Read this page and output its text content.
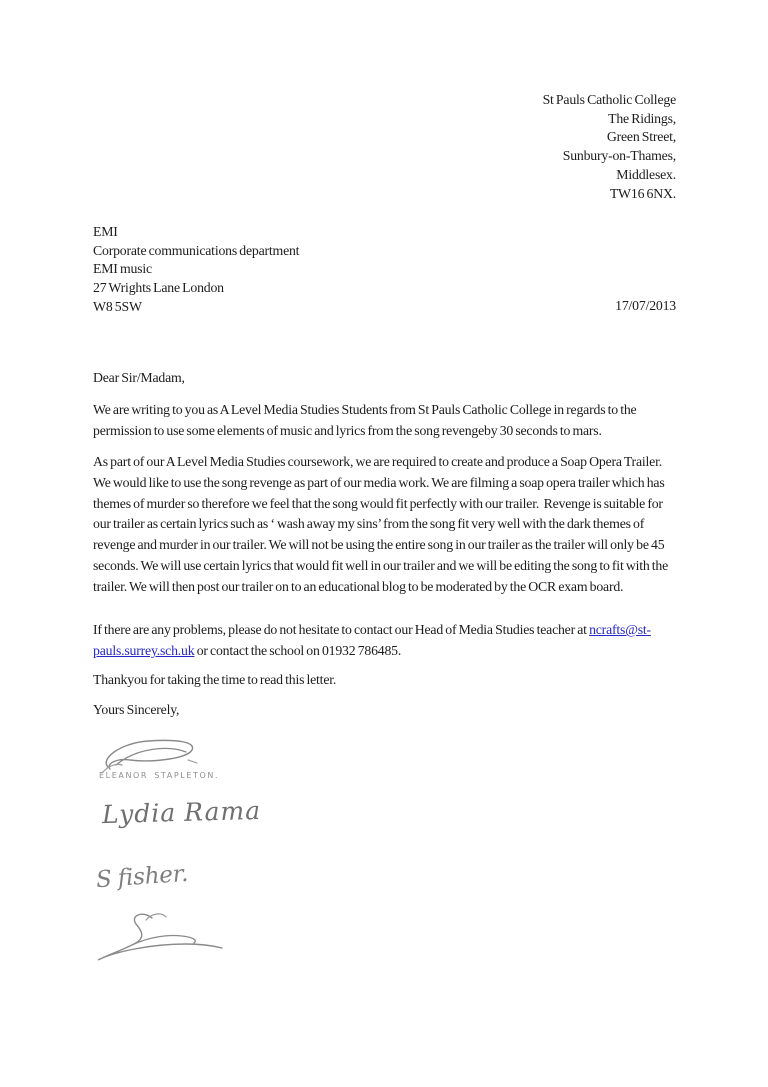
St Pauls Catholic College
The Ridings,
Green Street,
Sunbury-on-Thames,
Middlesex.
TW16 6NX.
EMI
Corporate communications department
EMI music
27 Wrights Lane London
W8 5SW	17/07/2013
Dear Sir/Madam,

We are writing to you as A Level Media Studies Students from St Pauls Catholic College in regards to the permission to use some elements of music and lyrics from the song revengeby 30 seconds to mars.

As part of our A Level Media Studies coursework, we are required to create and produce a Soap Opera Trailer.  We would like to use the song revenge as part of our media work. We are filming a soap opera trailer which has themes of murder so therefore we feel that the song would fit perfectly with our trailer.  Revenge is suitable for our trailer as certain lyrics such as ‘ wash away my sins’ from the song fit very well with the dark themes of revenge and murder in our trailer. We will not be using the entire song in our trailer as the trailer will only be 45 seconds. We will use certain lyrics that would fit well in our trailer and we will be editing the song to fit with the trailer. We will then post our trailer on to an educational blog to be moderated by the OCR exam board.

If there are any problems, please do not hesitate to contact our Head of Media Studies teacher at ncrafts@st-pauls.surrey.sch.uk or contact the school on 01932 786485.

Thankyou for taking the time to read this letter.

Yours Sincerely,

ELEANOR STAPLETON.
Lydia Rama
S fisher.
